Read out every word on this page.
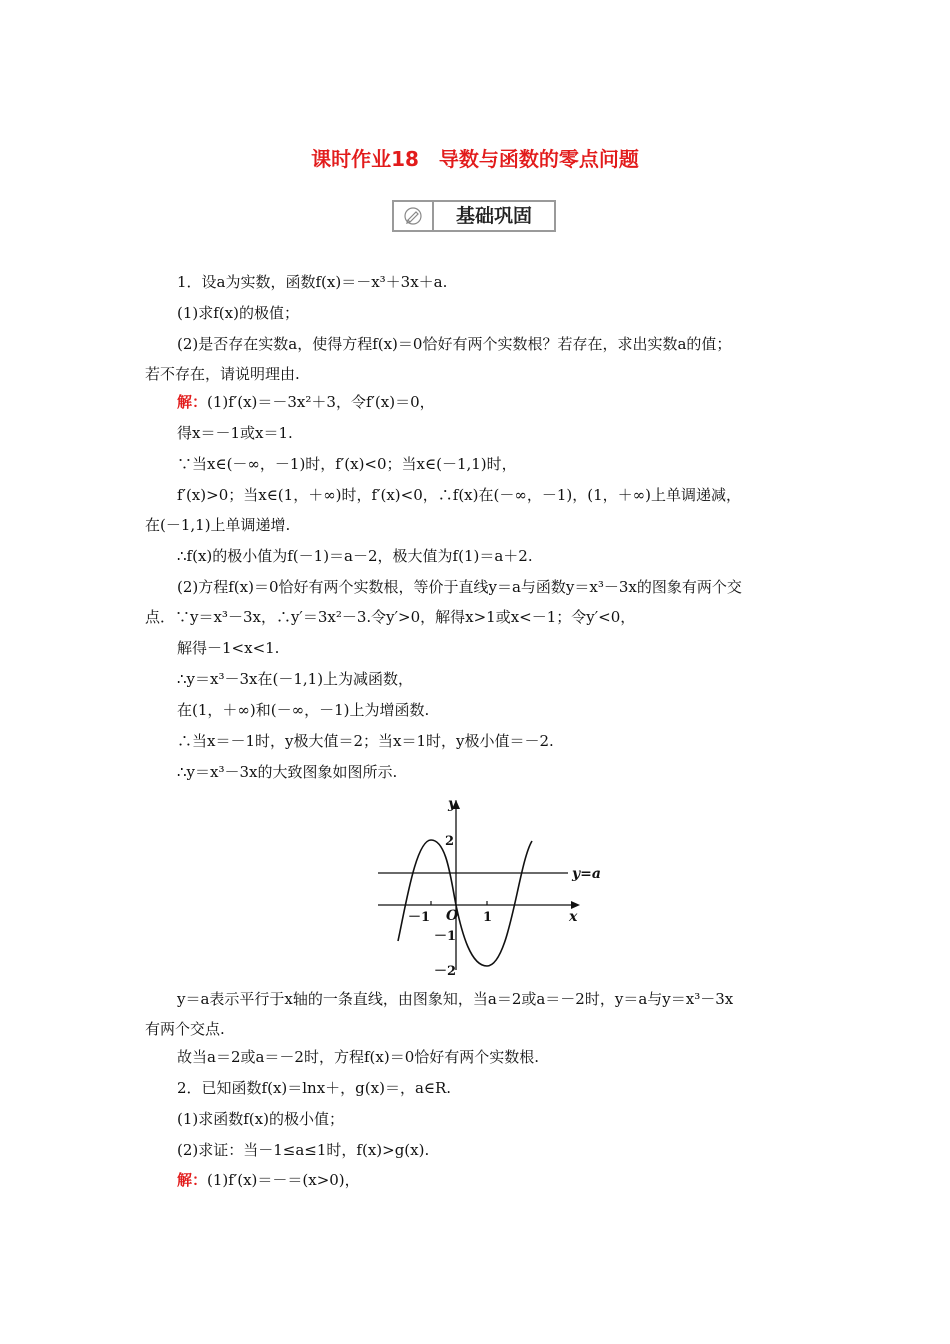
课时作业18　导数与函数的零点问题
基础巩固
1．设a为实数，函数f(x)＝－x³＋3x＋a.
(1)求f(x)的极值；
(2)是否存在实数a，使得方程f(x)＝0恰好有两个实数根？若存在，求出实数a的值；
若不存在，请说明理由.
解：(1)f′(x)＝－3x²＋3，令f′(x)＝0，
得x＝－1或x＝1.
∵当x∈(－∞，－1)时，f′(x)<0；当x∈(－1,1)时，
f′(x)>0；当x∈(1，＋∞)时，f′(x)<0，∴f(x)在(－∞，－1)，(1，＋∞)上单调递减，
在(－1,1)上单调递增.
∴f(x)的极小值为f(－1)＝a－2，极大值为f(1)＝a＋2.
(2)方程f(x)＝0恰好有两个实数根，等价于直线y＝a与函数y＝x³－3x的图象有两个交
点．∵y＝x³－3x，∴y′＝3x²－3.令y′>0，解得x>1或x<－1；令y′<0，
解得－1<x<1.
∴y＝x³－3x在(－1,1)上为减函数，
在(1，＋∞)和(－∞，－1)上为增函数.
∴当x＝－1时，y极大值＝2；当x＝1时，y极小值＝－2.
∴y＝x³－3x的大致图象如图所示.
y
x
O
y=a
2
－1	1
－1
－2
y＝a表示平行于x轴的一条直线，由图象知，当a＝2或a＝－2时，y＝a与y＝x³－3x
有两个交点.
故当a＝2或a＝－2时，方程f(x)＝0恰好有两个实数根.
2．已知函数f(x)＝lnx＋，g(x)＝，a∈R.
(1)求函数f(x)的极小值；
(2)求证：当－1≤a≤1时，f(x)>g(x).
解：(1)f′(x)＝－＝(x>0)，
